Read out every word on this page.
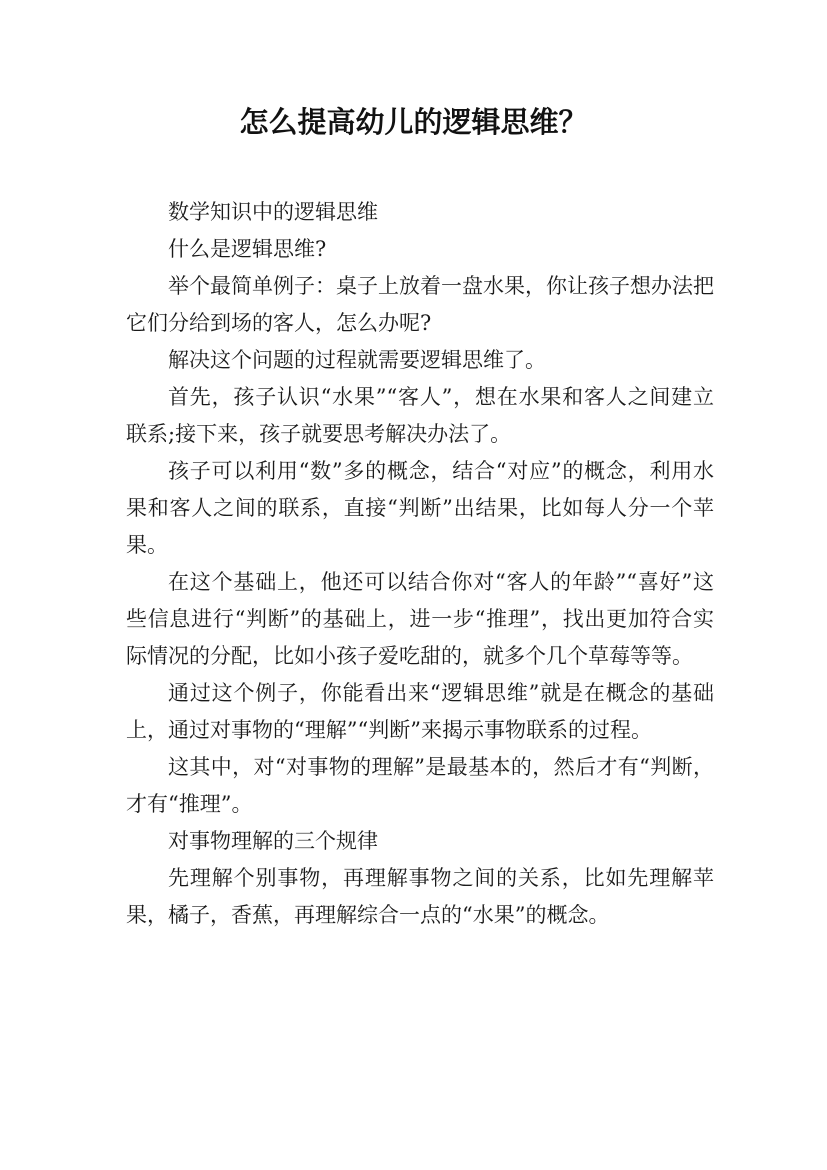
怎么提高幼儿的逻辑思维？

数学知识中的逻辑思维

什么是逻辑思维?

举个最简单例子：桌子上放着一盘水果，你让孩子想办法把它们分给到场的客人，怎么办呢?

解决这个问题的过程就需要逻辑思维了。

首先，孩子认识“水果”“客人”，想在水果和客人之间建立联系;接下来，孩子就要思考解决办法了。

孩子可以利用“数”多的概念，结合“对应”的概念，利用水果和客人之间的联系，直接“判断”出结果，比如每人分一个苹果。

在这个基础上，他还可以结合你对“客人的年龄”“喜好”这些信息进行“判断”的基础上，进一步“推理”，找出更加符合实际情况的分配，比如小孩子爱吃甜的，就多个几个草莓等等。

通过这个例子，你能看出来“逻辑思维”就是在概念的基础上，通过对事物的“理解”“判断”来揭示事物联系的过程。

这其中，对“对事物的理解”是最基本的，然后才有“判断，才有“推理”。

对事物理解的三个规律

先理解个别事物，再理解事物之间的关系，比如先理解苹果，橘子，香蕉，再理解综合一点的“水果”的概念。
